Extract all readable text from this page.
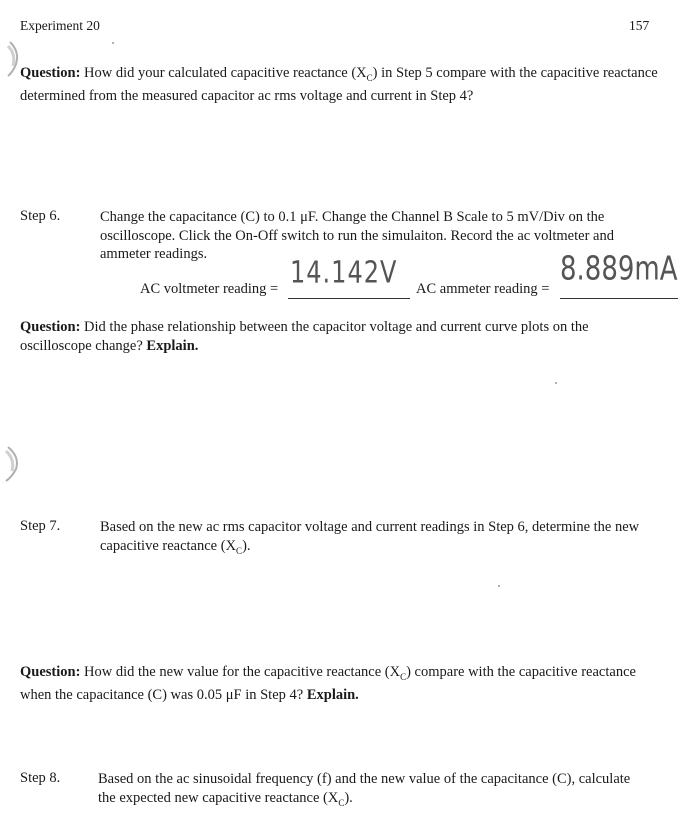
Experiment 20	157
Question: How did your calculated capacitive reactance $(X_C)$ in Step 5 compare with the capacitive reactance determined from the measured capacitor ac rms voltage and current in Step 4?
Step 6.	Change the capacitance (C) to 0.1 μF. Change the Channel B Scale to 5 mV/Div on the oscilloscope. Click the On-Off switch to run the simulaiton. Record the ac voltmeter and ammeter readings.
AC voltmeter reading = 14.142V AC ammeter reading =
8.889mA
Question: Did the phase relationship between the capacitor voltage and current curve plots on the oscilloscope change? Explain.
Step 7.	Based on the new ac rms capacitor voltage and current readings in Step 6, determine the new capacitive reactance $(X_C)$.
Question: How did the new value for the capacitive reactance $(X_C)$ compare with the capacitive reactance when the capacitance (C) was 0.05 μF in Step 4? Explain.
Step 8.	Based on the ac sinusoidal frequency (f) and the new value of the capacitance (C), calculate the expected new capacitive reactance $(X_C)$.
